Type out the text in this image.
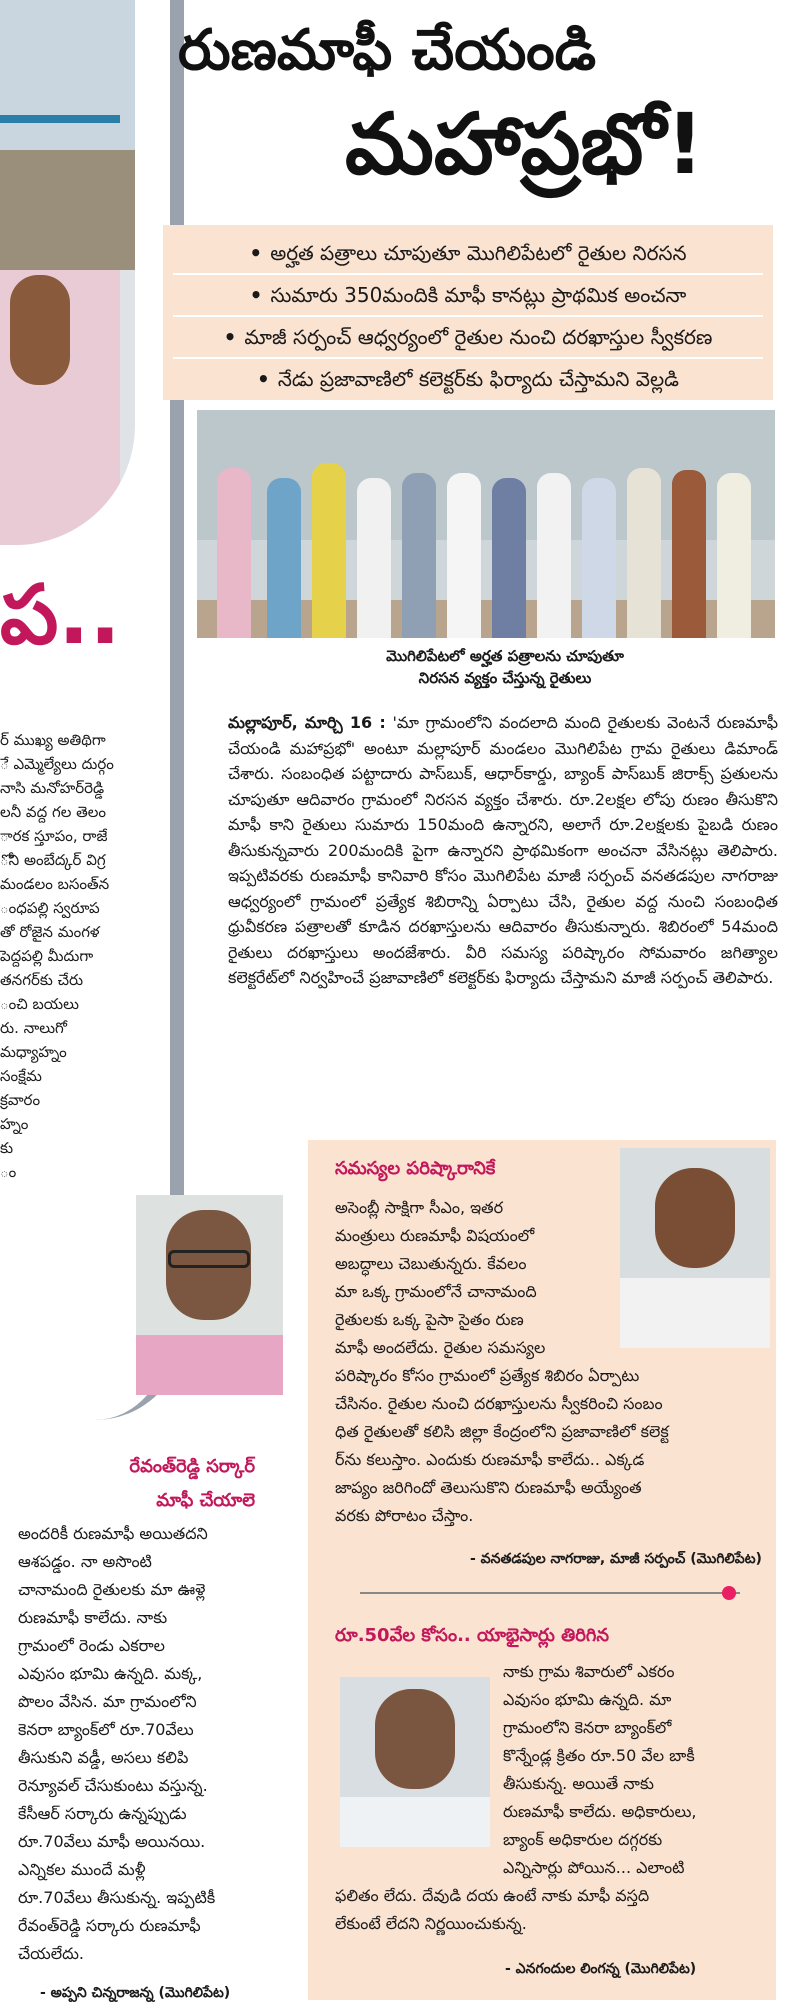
ప..
ర్ ముఖ్య అతిథిగా
ే ఎమ్మెల్యేలు దుర్గం
నాసి మనోహర్‌రెడ్డి
లనీ వద్ద గల తెలం
ారక స్తూపం, రాజే
ోని అంబేద్కర్ విగ్ర
మండలం బసంత్‌న
ంధపల్లి స్వరూప
తో రోజైన మంగళ
పెద్దపల్లి మీదుగా
తనగర్‌కు చేరు
ంచి బయలు
రు. నాలుగో
మధ్యాహ్నం
సంక్షేమ
క్రవారం
హ్నం
కు
ం
రుణమాఫీ చేయండి
మహాప్రభో!
• అర్హత పత్రాలు చూపుతూ మొగిలిపేటలో రైతుల నిరసన
• సుమారు 350మందికి మాఫీ కానట్లు ప్రాథమిక అంచనా
• మాజీ సర్పంచ్ ఆధ్వర్యంలో రైతుల నుంచి దరఖాస్తుల స్వీకరణ
• నేడు ప్రజావాణిలో కలెక్టర్‌కు ఫిర్యాదు చేస్తామని వెల్లడి
మొగిలిపేటలో అర్హత పత్రాలను చూపుతూ
నిరసన వ్యక్తం చేస్తున్న రైతులు

మల్లాపూర్, మార్చి 16 : 'మా గ్రామంలోని వందలాది మంది రైతులకు వెంటనే రుణమాఫీ చేయండి మహాప్రభో' అంటూ మల్లాపూర్ మండలం మొగిలిపేట గ్రామ రైతులు డిమాండ్ చేశారు. సంబంధిత పట్టాదారు పాస్‌బుక్, ఆధార్‌కార్డు, బ్యాంక్ పాస్‌బుక్ జిరాక్స్ ప్రతులను చూపుతూ ఆదివారం గ్రామంలో నిరసన వ్యక్తం చేశారు. రూ.2లక్షల లోపు రుణం తీసుకొని మాఫీ కాని రైతులు సుమారు 150మంది ఉన్నారని, అలాగే రూ.2లక్షలకు పైబడి రుణం తీసుకున్నవారు 200మందికి పైగా ఉన్నారని ప్రాథమికంగా అంచనా వేసినట్లు తెలిపారు. ఇప్పటివరకు రుణమాఫీ కానివారి కోసం మొగిలిపేట మాజీ సర్పంచ్ వనతడపుల నాగరాజు ఆధ్వర్యంలో గ్రామంలో ప్రత్యేక శిబిరాన్ని ఏర్పాటు చేసి, రైతుల వద్ద నుంచి సంబంధిత ధ్రువీకరణ పత్రాలతో కూడిన దరఖాస్తులను ఆదివారం తీసుకున్నారు. శిబిరంలో 54మంది రైతులు దరఖాస్తులు అందజేశారు. వీరి సమస్య పరిష్కారం సోమవారం జగిత్యాల కలెక్టరేట్‌లో నిర్వహించే ప్రజావాణిలో కలెక్టర్‌కు ఫిర్యాదు చేస్తామని మాజీ సర్పంచ్ తెలిపారు.

సమస్యల పరిష్కారానికే
అసెంబ్లీ సాక్షిగా సీఎం, ఇతర
మంత్రులు రుణమాఫీ విషయంలో
అబద్ధాలు చెబుతున్నరు. కేవలం
మా ఒక్క గ్రామంలోనే చానామంది
రైతులకు ఒక్క పైసా సైతం రుణ
మాఫీ అందలేదు. రైతుల సమస్యల
పరిష్కారం కోసం గ్రామంలో ప్రత్యేక శిబిరం ఏర్పాటు
చేసినం. రైతుల నుంచి దరఖాస్తులను స్వీకరించి సంబం
ధిత రైతులతో కలిసి జిల్లా కేంద్రంలోని ప్రజావాణిలో కలెక్ట
ర్‌ను కలుస్తాం. ఎందుకు రుణమాఫీ కాలేదు.. ఎక్కడ
జాప్యం జరిగిందో తెలుసుకొని రుణమాఫీ అయ్యేంత
వరకు పోరాటం చేస్తాం.
- వనతడపుల నాగరాజు, మాజీ సర్పంచ్ (మొగిలిపేట)
రూ.50వేల కోసం.. యాభైసార్లు తిరిగిన
నాకు గ్రామ శివారులో ఎకరం
ఎవుసం భూమి ఉన్నది. మా
గ్రామంలోని కెనరా బ్యాంక్‌లో
కొన్నేండ్ల క్రితం రూ.50 వేల బాకీ
తీసుకున్న. అయితే నాకు
రుణమాఫీ కాలేదు. అధికారులు,
బ్యాంక్ అధికారుల దగ్గరకు
ఎన్నిసార్లు పోయిన... ఎలాంటి
ఫలితం లేదు. దేవుడి దయ ఉంటే నాకు మాఫీ వస్తది
లేకుంటే లేదని నిర్ణయించుకున్న.
- ఎనగందుల లింగన్న (మొగిలిపేట)
రేవంత్‌రెడ్డి సర్కార్
మాఫీ చేయాలె
అందరికీ రుణమాఫీ అయితదని
ఆశపడ్డం. నా అసొంటి
చానామంది రైతులకు మా ఊళ్లె
రుణమాఫీ కాలేదు. నాకు
గ్రామంలో రెండు ఎకరాల
ఎవుసం భూమి ఉన్నది. మక్క,
పొలం వేసిన. మా గ్రామంలోని
కెనరా బ్యాంక్‌లో రూ.70వేలు
తీసుకుని వడ్డీ, అసలు కలిపి
రెన్యూవల్ చేసుకుంటు వస్తున్న.
కేసీఆర్ సర్కారు ఉన్నప్పుడు
రూ.70వేలు మాఫీ అయినయి.
ఎన్నికల ముందే మళ్లీ
రూ.70వేలు తీసుకున్న. ఇప్పటికీ
రేవంత్‌రెడ్డి సర్కారు రుణమాఫీ
చేయలేదు.
- అప్పని చిన్నరాజన్న (మొగిలిపేట)
